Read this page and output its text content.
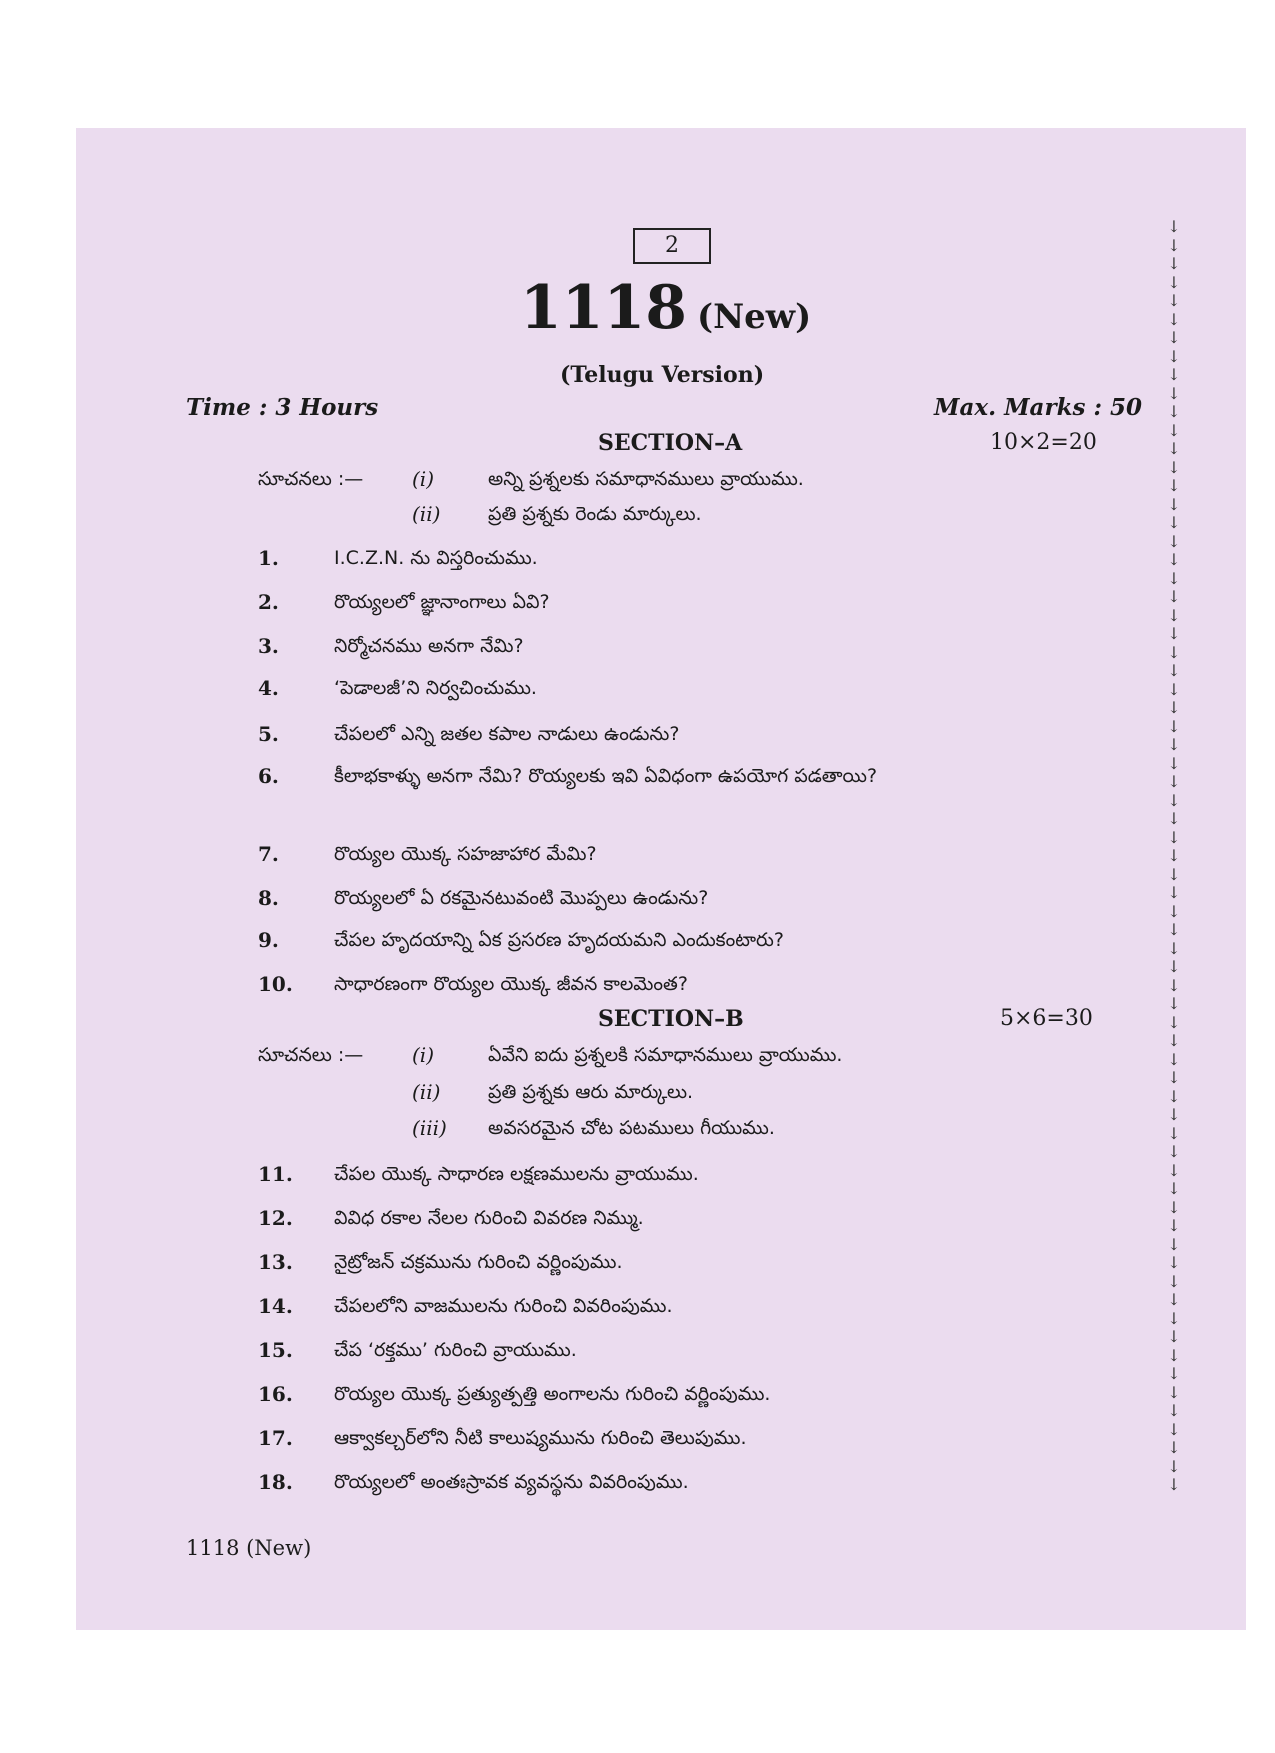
2
1118 (New)
(Telugu Version)
Time : 3 Hours	Max. Marks : 50
SECTION–A	10×2=20
సూచనలు :— (i)	అన్ని ప్రశ్నలకు సమాధానములు వ్రాయుము.
(ii)	ప్రతి ప్రశ్నకు రెండు మార్కులు.
1.	I.C.Z.N. ను విస్తరించుము.
2.	రొయ్యలలో జ్ఞానాంగాలు ఏవి?
3.	నిర్మోచనము అనగా నేమి?
4.	‘పెడాలజీ’ని నిర్వచించుము.
5.	చేపలలో ఎన్ని జతల కపాల నాడులు ఉండును?
6.	కీలాభకాళ్ళు అనగా నేమి? రొయ్యలకు ఇవి ఏవిధంగా ఉపయోగ పడతాయి?
7.	రొయ్యల యొక్క సహజాహార మేమి?
8.	రొయ్యలలో ఏ రకమైనటువంటి మొప్పలు ఉండును?
9.	చేపల హృదయాన్ని ఏక ప్రసరణ హృదయమని ఎందుకంటారు?
10. సాధారణంగా రొయ్యల యొక్క జీవన కాలమెంత?
SECTION–B	5×6=30
సూచనలు :— (i)	ఏవేని ఐదు ప్రశ్నలకి సమాధానములు వ్రాయుము.
(ii)	ప్రతి ప్రశ్నకు ఆరు మార్కులు.
(iii) అవసరమైన చోట పటములు గీయుము.
11. చేపల యొక్క సాధారణ లక్షణములను వ్రాయుము.
12. వివిధ రకాల నేలల గురించి వివరణ నిమ్ము.
13. నైట్రోజన్ చక్రమును గురించి వర్ణింపుము.
14. చేపలలోని వాజములను గురించి వివరింపుము.
15. చేప ‘రక్తము’ గురించి వ్రాయుము.
16. రొయ్యల యొక్క ప్రత్యుత్పత్తి అంగాలను గురించి వర్ణింపుము.
17. ఆక్వాకల్చర్‌లోని నీటి కాలుష్యమును గురించి తెలుపుము.
18. రొయ్యలలో అంతఃస్రావక వ్యవస్థను వివరింపుము.
1118 (New)
↓
↓
↓
↓
↓
↓
↓
↓
↓
↓
↓
↓
↓
↓
↓
↓
↓
↓
↓
↓
↓
↓
↓
↓
↓
↓
↓
↓
↓
↓
↓
↓
↓
↓
↓
↓
↓
↓
↓
↓
↓
↓
↓
↓
↓
↓
↓
↓
↓
↓
↓
↓
↓
↓
↓
↓
↓
↓
↓
↓
↓
↓
↓
↓
↓
↓
↓
↓
↓
